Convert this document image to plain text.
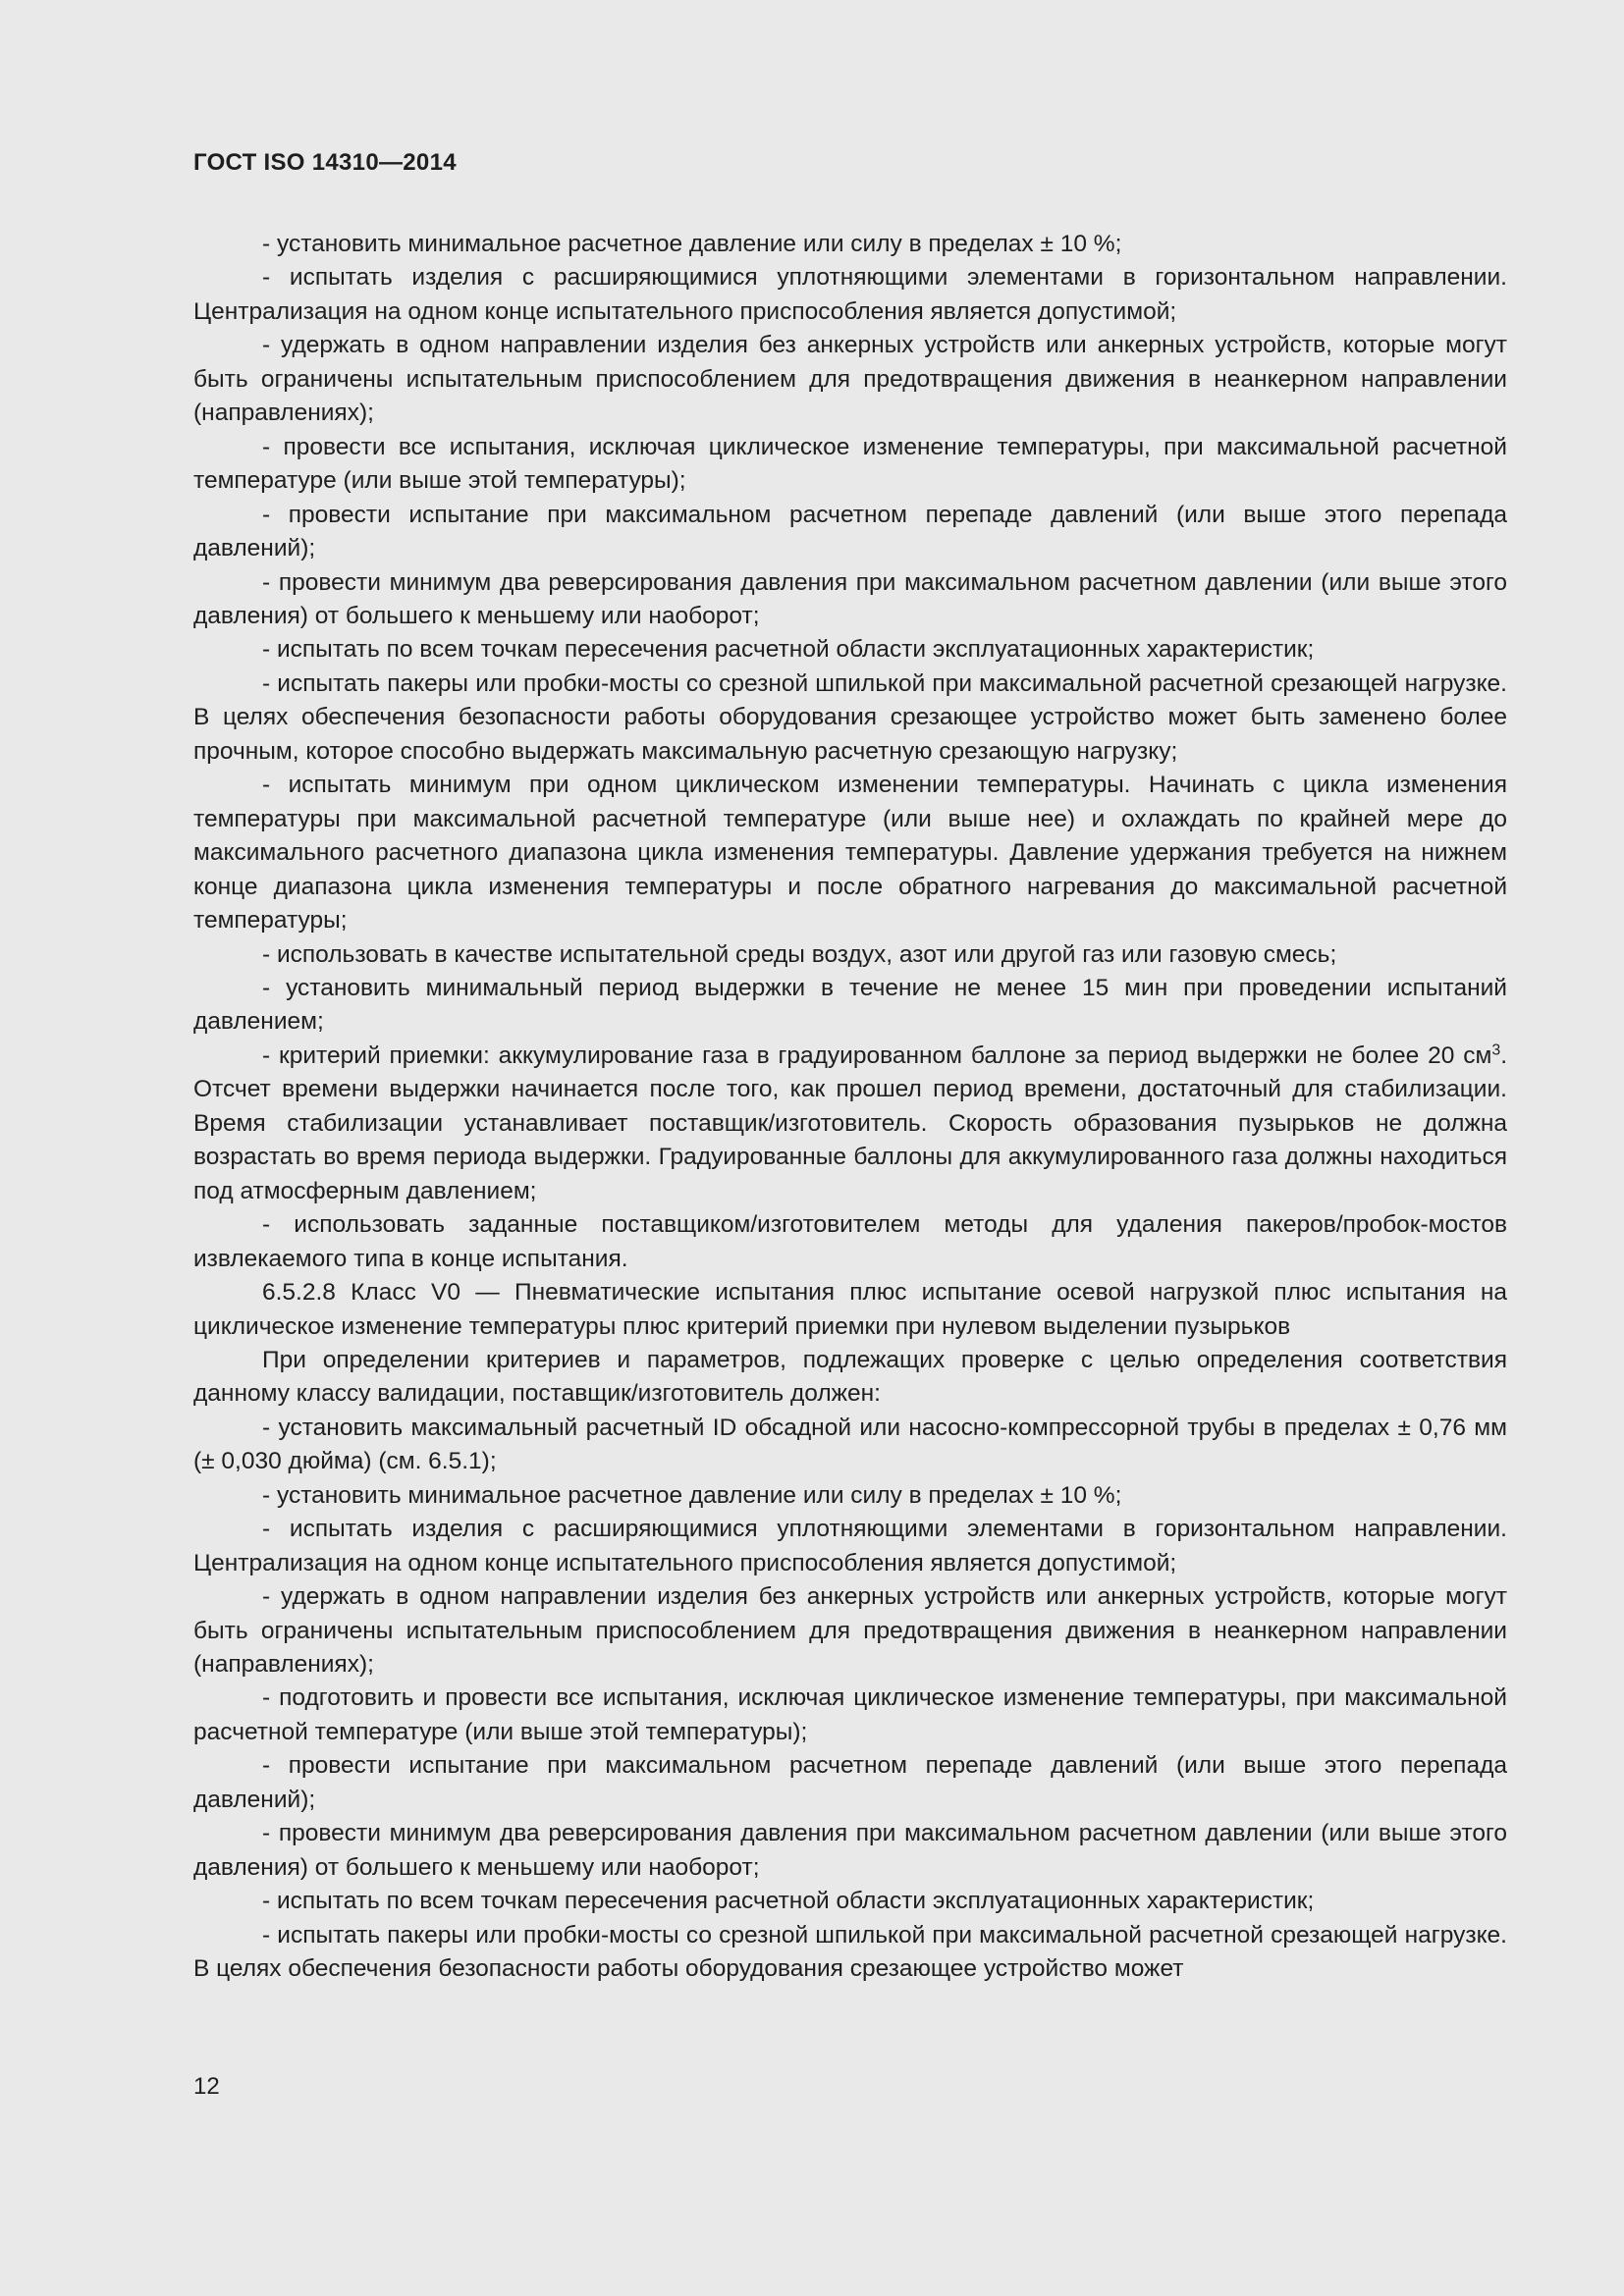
ГОСТ ISO 14310—2014

- установить минимальное расчетное давление или силу в пределах ± 10 %;

- испытать изделия с расширяющимися уплотняющими элементами в горизонтальном направлении. Централизация на одном конце испытательного приспособления является допустимой;

- удержать в одном направлении изделия без анкерных устройств или анкерных устройств, которые могут быть ограничены испытательным приспособлением для предотвращения движения в неанкерном направлении (направлениях);

- провести все испытания, исключая циклическое изменение температуры, при максимальной расчетной температуре (или выше этой температуры);

- провести испытание при максимальном расчетном перепаде давлений (или выше этого перепада давлений);

- провести минимум два реверсирования давления при максимальном расчетном давлении (или выше этого давления) от большего к меньшему или наоборот;

- испытать по всем точкам пересечения расчетной области эксплуатационных характеристик;

- испытать пакеры или пробки-мосты со срезной шпилькой при максимальной расчетной срезающей нагрузке. В целях обеспечения безопасности работы оборудования срезающее устройство может быть заменено более прочным, которое способно выдержать максимальную расчетную срезающую нагрузку;

- испытать минимум при одном циклическом изменении температуры. Начинать с цикла изменения температуры при максимальной расчетной температуре (или выше нее) и охлаждать по крайней мере до максимального расчетного диапазона цикла изменения температуры. Давление удержания требуется на нижнем конце диапазона цикла изменения температуры и после обратного нагревания до максимальной расчетной температуры;

- использовать в качестве испытательной среды воздух, азот или другой газ или газовую смесь;

- установить минимальный период выдержки в течение не менее 15 мин при проведении испытаний давлением;

- критерий приемки: аккумулирование газа в градуированном баллоне за период выдержки не более 20 $см^3$. Отсчет времени выдержки начинается после того, как прошел период времени, достаточный для стабилизации. Время стабилизации устанавливает поставщик/изготовитель. Скорость образования пузырьков не должна возрастать во время периода выдержки. Градуированные баллоны для аккумулированного газа должны находиться под атмосферным давлением;

- использовать заданные поставщиком/изготовителем методы для удаления пакеров/пробок-мостов извлекаемого типа в конце испытания.

6.5.2.8 Класс V0 — Пневматические испытания плюс испытание осевой нагрузкой плюс испытания на циклическое изменение температуры плюс критерий приемки при нулевом выделении пузырьков

При определении критериев и параметров, подлежащих проверке с целью определения соответствия данному классу валидации, поставщик/изготовитель должен:

- установить максимальный расчетный ID обсадной или насосно-компрессорной трубы в пределах ± 0,76 мм (± 0,030 дюйма) (см. 6.5.1);

- установить минимальное расчетное давление или силу в пределах ± 10 %;

- испытать изделия с расширяющимися уплотняющими элементами в горизонтальном направлении. Централизация на одном конце испытательного приспособления является допустимой;

- удержать в одном направлении изделия без анкерных устройств или анкерных устройств, которые могут быть ограничены испытательным приспособлением для предотвращения движения в неанкерном направлении (направлениях);

- подготовить и провести все испытания, исключая циклическое изменение температуры, при максимальной расчетной температуре (или выше этой температуры);

- провести испытание при максимальном расчетном перепаде давлений (или выше этого перепада давлений);

- провести минимум два реверсирования давления при максимальном расчетном давлении (или выше этого давления) от большего к меньшему или наоборот;

- испытать по всем точкам пересечения расчетной области эксплуатационных характеристик;

- испытать пакеры или пробки-мосты со срезной шпилькой при максимальной расчетной срезающей нагрузке. В целях обеспечения безопасности работы оборудования срезающее устройство может

12
